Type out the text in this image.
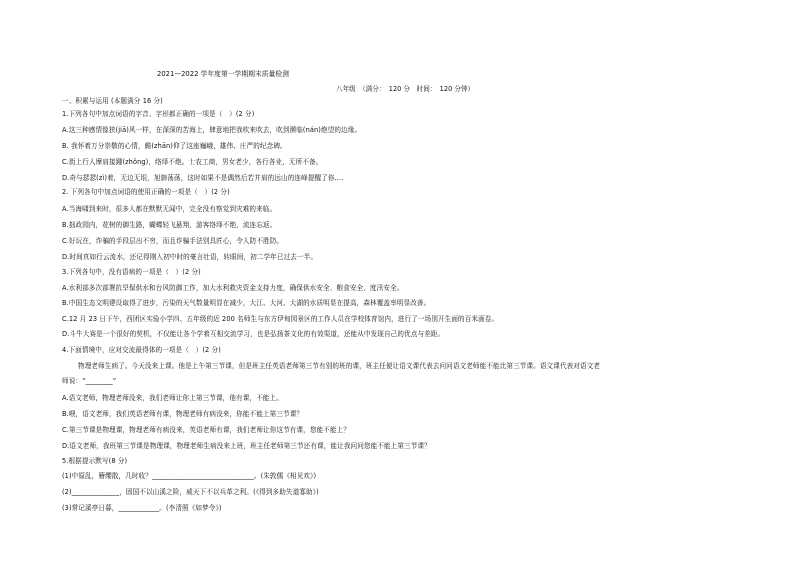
2021—2022 学年度第一学期期末质量检测
八年级　（满分：　120 分　时间：　120 分钟）
一、积累与运用 (本题满分 16 分)
1.下列各句中加点词语的字音、字形都正确的一项是（　）(2 分)
A.这三种感情像狭(jiā)风一样，在深深的苦海上，肆意地把我吹来吹去，吹到濒临(nán)绝望的边缘。
B. 我怀着万分崇敬的心情，瞻(zhān)仰了这座巍峨、雄伟、庄严的纪念碑。
C.街上行人摩肩接踵(zhǒng)，络绎不绝。士农工商，男女老少，各行各业，无所不备。
D.奇与瑟瑟(zì)着，无边无垠，旭旆荡荡，这时如果不是偶然后若并肩的远山的连峰提醒了你....
2. 下列各句中加点词语的使用正确的一项是（　）(2 分)
A.当海啸到来时，很多人都在默默无闻中，完全没有察觉到灾难的来临。
B.拙政园内，花树的御生路，蝴蝶轻飞悬翔，游客络绎不绝，流连忘返。
C.好玩在，诈骗的手段层出不穷，而且诈骗手法别具匠心，令人防不胜防。
D.时间真如行云流水，还记得刚入初中时的豪言壮语，转眼间，初二学年已过去一半。
3.下列各句中，没有语病的一项是（　）(2 分)
A.水利部多次部署抗旱保供水和台风防御工作，加大水利救灾资金支持力度，确保供水安全、粮食安全、度汛安全。
B.中国生态文明建设取得了进步，污染的天气数量明显在减少，大江、大河、大湖的水质明显在提高，森林覆盖率明显改善。
C.12 月 23 日下午，西团区实验小学四、五年级的近 200 名师生与东方伊甸园景区的工作人员在学校体育馆内，进行了一场别开生面的百米画卷。
D.斗牛大赛是一个很好的契机，不仅能让各个学着互相交流学习，也是弘扬茶文化的有效渠道，还能从中发现自己的优点与差距。
4.下面情境中，应对交流最得体的一项是（　）(2 分)
物理老师生病了。今天没来上课。他是上午第三节课，但是班主任英语老师第三节有别的班的课，班主任便让语文课代表去问问语文老师能不能比第三节课。语文课代表对语文老
师说：“________”
A.语文老师，物理老师没来，我们老师让你上第三节课，他有课，不能上。
B.喂，语文老师，我们英语老师有课，物理老师有病没来，你能不能上第三节课？
C.第三节课是物理课，物理老师有病没来，英语老师有课，我们老师让你这节有课，您能不能上？
D.语文老师，我班第三节课是物理课，物理老师生病没来上班，班主任老师第三节还有课，能让我问问您能不能上第三节课？
5.根据提示默写(8 分)
(1)中原乱，簪缨散，几时收？______________________________。(朱敦儒《相见欢》)
(2)______________，固国不以山溪之险，威天下不以兵革之利。(《得到多助失道寡助》)
(3)常记溪亭日暮，____________。(李清照《如梦令》)
